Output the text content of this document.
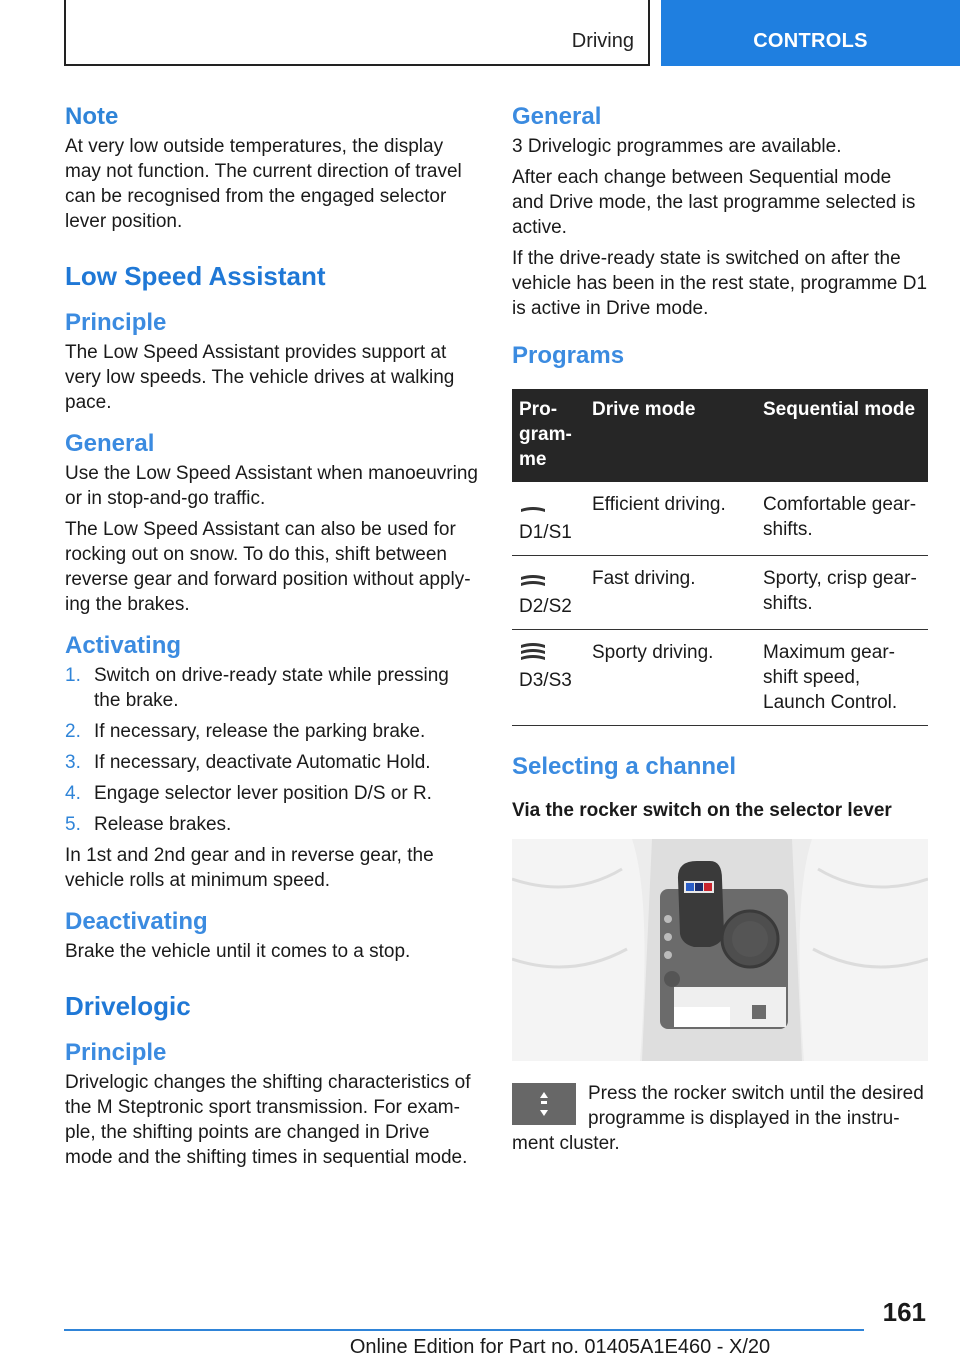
Driving	CONTROLS
Note

At very low outside temperatures, the display may not function. The current direction of travel can be recognised from the engaged selector lever position.

Low Speed Assistant
Principle

The Low Speed Assistant provides support at very low speeds. The vehicle drives at walking pace.

General

Use the Low Speed Assistant when manoeuvring or in stop-and-go traffic.

The Low Speed Assistant can also be used for rocking out on snow. To do this, shift between reverse gear and forward position without applying the brakes.

Activating
1. Switch on drive-ready state while pressing the brake.
2. If necessary, release the parking brake.
3. If necessary, deactivate Automatic Hold.
4. Engage selector lever position D/S or R.
5. Release brakes.

In 1st and 2nd gear and in reverse gear, the vehicle rolls at minimum speed.

Deactivating

Brake the vehicle until it comes to a stop.

Drivelogic
Principle

Drivelogic changes the shifting characteristics of the M Steptronic sport transmission. For example, the shifting points are changed in Drive mode and the shifting times in sequential mode.

General

3 Drivelogic programmes are available.

After each change between Sequential mode and Drive mode, the last programme selected is active.

If the drive-ready state is switched on after the vehicle has been in the rest state, programme D1 is active in Drive mode.

Programs
Programme	Drive mode	Sequential mode

D1/S1	Efficient driving.	Comfortable gearshifts.

D2/S2	Fast driving.	Sporty, crisp gearshifts.

D3/S3	Sporty driving.	Maximum gearshift speed, Launch Control.
Selecting a channel
Via the rocker switch on the selector lever

Press the rocker switch until the desired programme is displayed in the instrument cluster.

161
Online Edition for Part no. 01405A1E460 - X/20
